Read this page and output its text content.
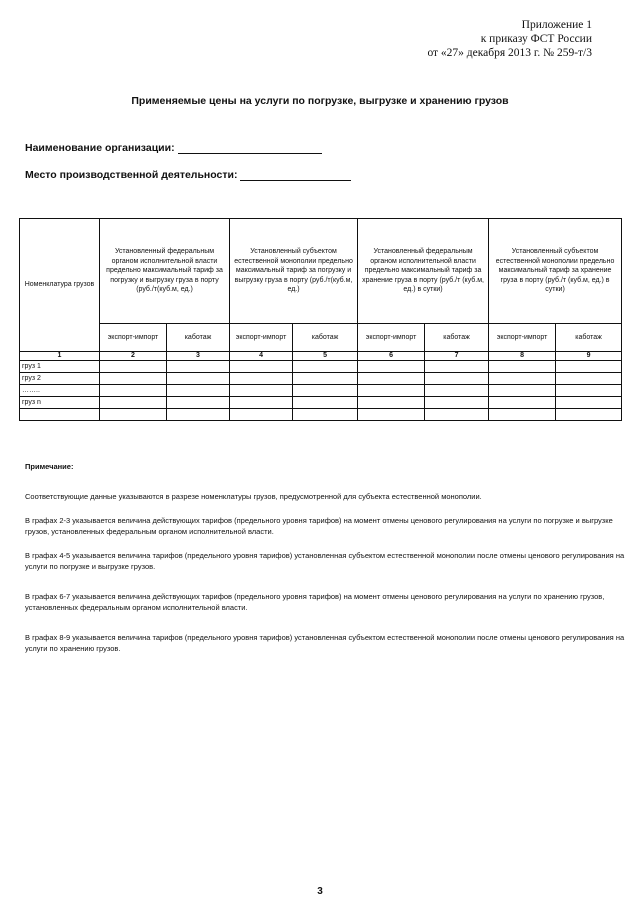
Приложение 1
к приказу ФСТ России
от «27» декабря 2013 г. № 259-т/3
Применяемые цены на услуги по погрузке, выгрузке и хранению грузов
Наименование организации:
Место производственной деятельности:
Номенклатура грузов	Установленный федеральным органом исполнительной власти предельно максимальный тариф за погрузку и выгрузку груза в порту (руб./т(куб.м, ед.)		Установленный субъектом естественной монополии предельно максимальный тариф за погрузку и выгрузку груза в порту (руб./т(куб.м, ед.)		Установленный федеральным органом исполнительной власти предельно максимальный тариф за хранение груза в порту (руб./т (куб.м, ед.) в сутки)		Установленный субъектом естественной монополии предельно максимальный тариф за хранение груза в порту (руб./т (куб.м, ед.) в сутки)	
	экспорт-импорт	каботаж	экспорт-импорт	каботаж	экспорт-импорт	каботаж	экспорт-импорт	каботаж
1	2	3	4	5	6	7	8	9
груз 1								
груз 2								
……..								
груз n								

Примечание:

Соответствующие данные указываются в разрезе номенклатуры грузов, предусмотренной для субъекта естественной монополии.

В графах 2-3 указывается величина действующих тарифов (предельного уровня тарифов) на момент отмены ценового регулирования на услуги по погрузке и выгрузке грузов, установленных федеральным органом исполнительной власти.

В графах 4-5 указывается величина тарифов (предельного уровня тарифов) установленная субъектом естественной монополии после отмены ценового регулирования на услуги по погрузке и выгрузке грузов.

В графах 6-7 указывается величина действующих тарифов (предельного уровня тарифов) на момент отмены ценового регулирования на услуги по хранению грузов, установленных федеральным органом исполнительной власти.

В графах 8-9 указывается величина тарифов (предельного уровня тарифов) установленная субъектом естественной монополии после отмены ценового регулирования на услуги по хранению грузов.

3
